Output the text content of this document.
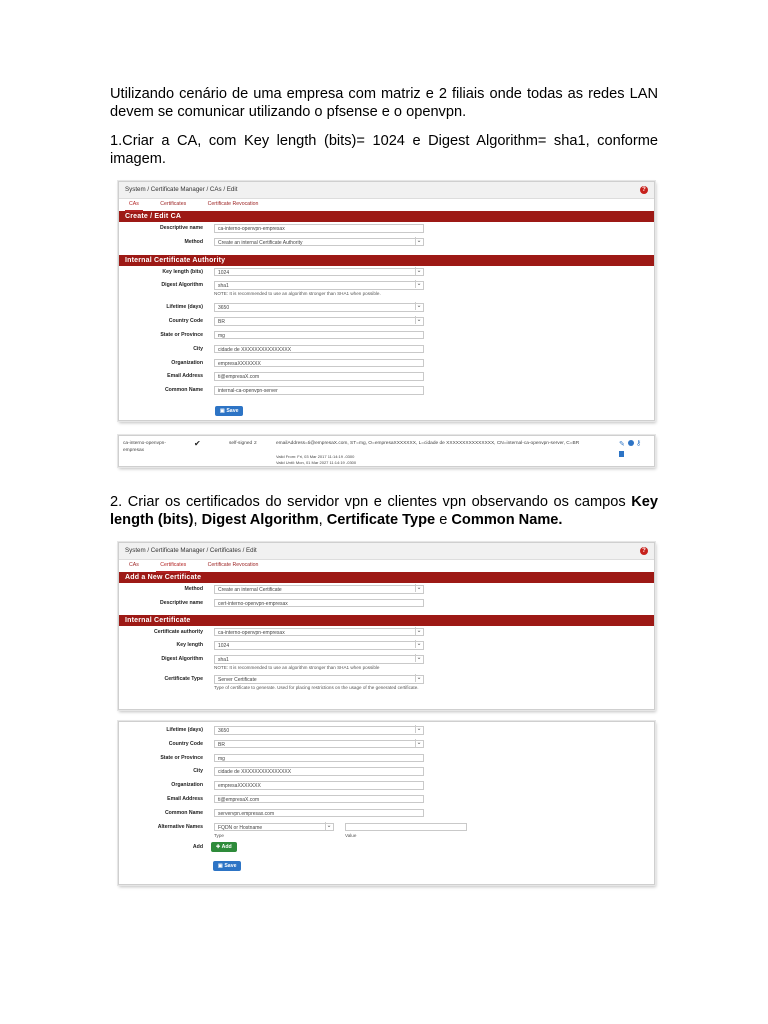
Utilizando cenário de uma empresa com matriz e 2 filiais onde todas as redes LAN devem se comunicar utilizando o pfsense e o openvpn.
1.Criar a CA, com Key length (bits)= 1024 e Digest Algorithm= sha1, conforme imagem.
2. Criar os certificados do servidor vpn e clientes vpn observando os campos Key length (bits), Digest Algorithm, Certificate Type e Common Name.
System / Certificate Manager / CAs / Edit	?
CAs	Certificates	Certificate Revocation
Create / Edit CA
Descriptive name	ca-interno-openvpn-empresax
Method	Create an internal Certificate Authority ⌄
Internal Certificate Authority
Key length (bits)	1024 ⌄
Digest Algorithm	sha1 ⌄
NOTE: It is recommended to use an algorithm stronger than SHA1 when possible.
Lifetime (days)	3650 ⌄
Country Code	BR ⌄
State or Province	mg
City	cidade de XXXXXXXXXXXXXXX
Organization	empresaXXXXXXX
Email Address	ti@empresaX.com
Common Name	internal-ca-openvpn-server
▣ Save
ca-interno-openvpn-empresax
✔	self-signed 2	emailAddress=ti@empresaX.com, ST=mg, O=empresaXXXXXXX, L=cidade de XXXXXXXXXXXXXXX, CN=internal-ca-openvpn-server, C=BR
Valid From: Fri, 03 Mar 2017 11:14:19 -0300
Valid Until: Mon, 01 Mar 2027 11:14:19 -0300
✎ ⚷
System / Certificate Manager / Certificates / Edit	?
CAs	Certificates	Certificate Revocation
Add a New Certificate
Method	Create an internal Certificate ⌄
Descriptive name	cert-interno-openvpn-empresax
Internal Certificate
Certificate authority	ca-interno-openvpn-empresax ⌄
Key length	1024 ⌄
Digest Algorithm	sha1 ⌄
NOTE: It is recommended to use an algorithm stronger than SHA1 when possible
Certificate Type	Server Certificate ⌄
Type of certificate to generate. Used for placing restrictions on the usage of the generated certificate.
Lifetime (days)	3650 ⌄
Country Code	BR ⌄
State or Province	mg
City	cidade de XXXXXXXXXXXXXXX
Organization	empresaXXXXXXX
Email Address	ti@empresaX.com
Common Name	servervpn.empresax.com
Alternative Names	FQDN or Hostname ⌄
Type	Value
Add	✚ Add
▣ Save
